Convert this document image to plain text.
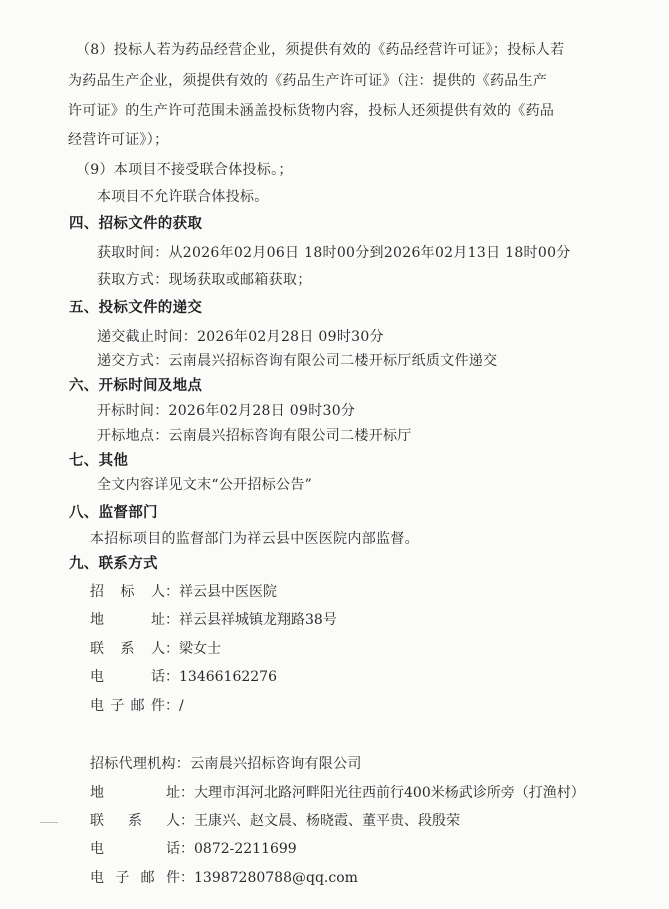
（8）投标人若为药品经营企业，须提供有效的《药品经营许可证》；投标人若
为药品生产企业，须提供有效的《药品生产许可证》（注：提供的《药品生产
许可证》的生产许可范围未涵盖投标货物内容，投标人还须提供有效的《药品
经营许可证》）；
（9）本项目不接受联合体投标。；
本项目不允许联合体投标。
四、招标文件的获取
获取时间：从2026年02月06日 18时00分到2026年02月13日 18时00分
获取方式：现场获取或邮箱获取；
五、投标文件的递交
递交截止时间：2026年02月28日 09时30分
递交方式：云南晨兴招标咨询有限公司二楼开标厅纸质文件递交
六、开标时间及地点
开标时间：2026年02月28日 09时30分
开标地点：云南晨兴招标咨询有限公司二楼开标厅
七、其他
全文内容详见文末“公开招标公告”
八、监督部门
本招标项目的监督部门为祥云县中医医院内部监督。
九、联系方式
招标人：祥云县中医医院
地址：祥云县祥城镇龙翔路38号
联系人：梁女士
电话：13466162276
电子邮件：/
招标代理机构：云南晨兴招标咨询有限公司
地址：大理市洱河北路河畔阳光往西前行400米杨武诊所旁（打渔村）
联系人：王康兴、赵文晨、杨晓霞、董平贵、段殷荣
电话：0872-2211699
电子邮件：13987280788@qq.com
